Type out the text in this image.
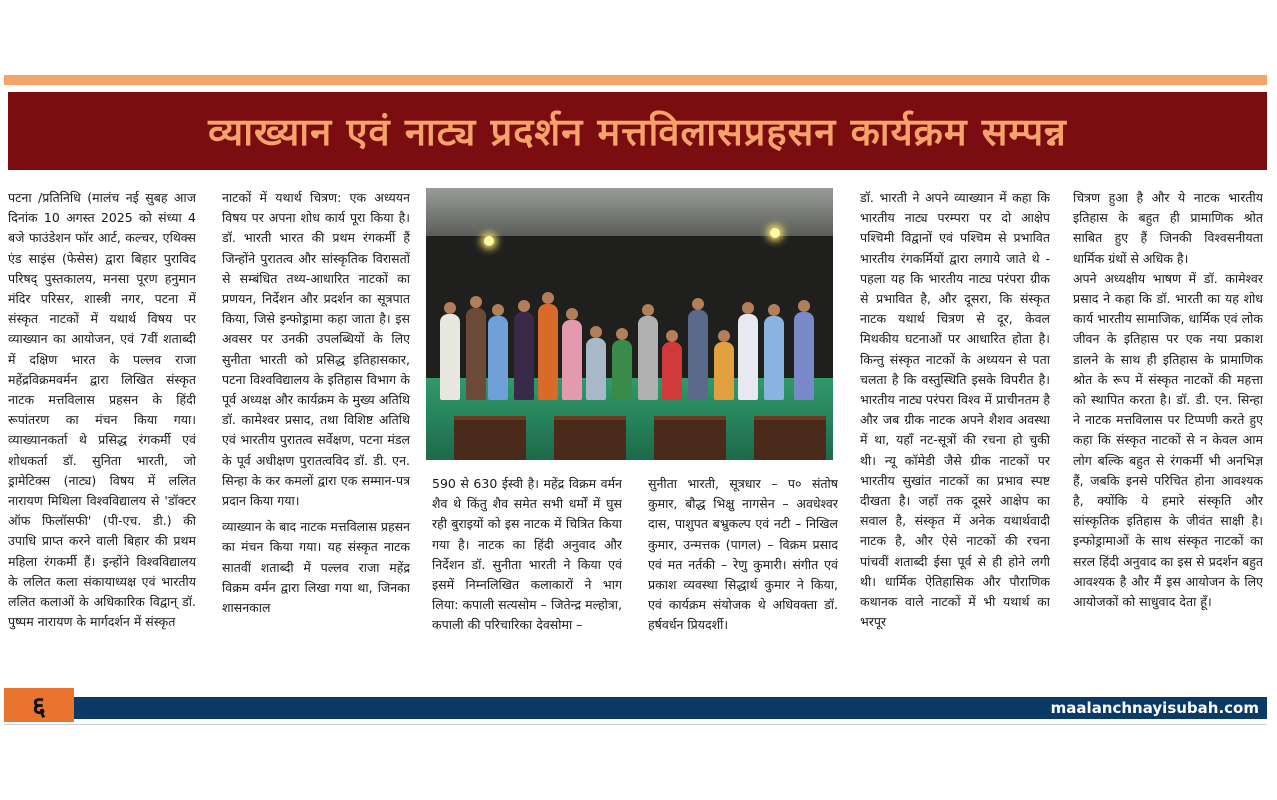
व्याख्यान एवं नाट्य प्रदर्शन मत्तविलासप्रहसन कार्यक्रम सम्पन्न

पटना /प्रतिनिधि (मालंच नई सुबह आज दिनांक 10 अगस्त 2025 को संध्या 4 बजे फाउंडेशन फॉर आर्ट, कल्चर, एथिक्स एंड साइंस (फेसेस) द्वारा बिहार पुराविद परिषद् पुस्तकालय, मनसा पूरण हनुमान मंदिर परिसर, शास्त्री नगर, पटना में संस्कृत नाटकों में यथार्थ विषय पर व्याख्यान का आयोजन, एवं 7वीं शताब्दी में दक्षिण भारत के पल्लव राजा महेंद्रविक्रमवर्मन द्वारा लिखित संस्कृत नाटक मत्तविलास प्रहसन के हिंदी रूपांतरण का मंचन किया गया। व्याख्यानकर्ता थे प्रसिद्ध रंगकर्मी एवं शोधकर्ता डॉ. सुनिता भारती, जो ड्रामेटिक्स (नाट्य) विषय में ललित नारायण मिथिला विश्वविद्यालय से 'डॉक्टर ऑफ फिलॉसफी' (पी-एच. डी.) की उपाधि प्राप्त करने वाली बिहार की प्रथम महिला रंगकर्मी हैं। इन्होंने विश्वविद्यालय के ललित कला संकायाध्यक्ष एवं भारतीय ललित कलाओं के अधिकारिक विद्वान् डॉ. पुष्पम नारायण के मार्गदर्शन में संस्कृत

नाटकों में यथार्थ चित्रण: एक अध्ययन विषय पर अपना शोध कार्य पूरा किया है। डॉ. भारती भारत की प्रथम रंगकर्मी हैं जिन्होंने पुरातत्व और सांस्कृतिक विरासतों से सम्बंधित तथ्य-आधारित नाटकों का प्रणयन, निर्देशन और प्रदर्शन का सूत्रपात किया, जिसे इन्फोड्रामा कहा जाता है। इस अवसर पर उनकी उपलब्धियों के लिए सुनीता भारती को प्रसिद्ध इतिहासकार, पटना विश्वविद्यालय के इतिहास विभाग के पूर्व अध्यक्ष और कार्यक्रम के मुख्य अतिथि डॉ. कामेश्वर प्रसाद, तथा विशिष्ट अतिथि एवं भारतीय पुरातत्व सर्वेक्षण, पटना मंडल के पूर्व अधीक्षण पुरातत्वविद डॉ. डी. एन. सिन्हा के कर कमलों द्वारा एक सम्मान-पत्र प्रदान किया गया।

व्याख्यान के बाद नाटक मत्तविलास प्रहसन का मंचन किया गया। यह संस्कृत नाटक सातवीं शताब्दी में पल्लव राजा महेंद्र विक्रम वर्मन द्वारा लिखा गया था, जिनका शासनकाल

590 से 630 ईस्वी है। महेंद्र विक्रम वर्मन शैव थे किंतु शैव समेत सभी धर्मों में घुस रही बुराइयों को इस नाटक में चित्रित किया गया है। नाटक का हिंदी अनुवाद और निर्देशन डॉ. सुनीता भारती ने किया एवं इसमें निम्नलिखित कलाकारों ने भाग लिया: कपाली सत्यसोम – जितेन्द्र मल्होत्रा, कपाली की परिचारिका देवसोमा –

सुनीता भारती, सूत्रधार – प० संतोष कुमार, बौद्ध भिक्षु नागसेन – अवधेश्वर दास, पाशुपत बभ्रुकल्प एवं नटी – निखिल कुमार, उन्मत्तक (पागल) – विक्रम प्रसाद एवं मत नर्तकी – रेणु कुमारी। संगीत एवं प्रकाश व्यवस्था सिद्धार्थ कुमार ने किया, एवं कार्यक्रम संयोजक थे अधिवक्ता डॉ. हर्षवर्धन प्रियदर्शी।

डॉ. भारती ने अपने व्याख्यान में कहा कि भारतीय नाट्य परम्परा पर दो आक्षेप पश्चिमी विद्वानों एवं पश्चिम से प्रभावित भारतीय रंगकर्मियों द्वारा लगाये जाते थे - पहला यह कि भारतीय नाट्य परंपरा ग्रीक से प्रभावित है, और दूसरा, कि संस्कृत नाटक यथार्थ चित्रण से दूर, केवल मिथकीय घटनाओं पर आधारित होता है। किन्तु संस्कृत नाटकों के अध्ययन से पता चलता है कि वस्तुस्थिति इसके विपरीत है। भारतीय नाट्य परंपरा विश्व में प्राचीनतम है और जब ग्रीक नाटक अपने शैशव अवस्था में था, यहाँ नट-सूत्रों की रचना हो चुकी थी। न्यू कॉमेडी जैसे ग्रीक नाटकों पर भारतीय सुखांत नाटकों का प्रभाव स्पष्ट दीखता है। जहाँ तक दूसरे आक्षेप का सवाल है, संस्कृत में अनेक यथार्थवादी नाटक है, और ऐसे नाटकों की रचना पांचवीं शताब्दी ईसा पूर्व से ही होने लगी थी। धार्मिक ऐतिहासिक और पौराणिक कथानक वाले नाटकों में भी यथार्थ का भरपूर

चित्रण हुआ है और ये नाटक भारतीय इतिहास के बहुत ही प्रामाणिक श्रोत साबित हुए हैं जिनकी विश्वसनीयता धार्मिक ग्रंथों से अधिक है।

अपने अध्यक्षीय भाषण में डॉ. कामेश्वर प्रसाद ने कहा कि डॉ. भारती का यह शोध कार्य भारतीय सामाजिक, धार्मिक एवं लोक जीवन के इतिहास पर एक नया प्रकाश डालने के साथ ही इतिहास के प्रामाणिक श्रोत के रूप में संस्कृत नाटकों की महत्ता को स्थापित करता है। डॉ. डी. एन. सिन्हा ने नाटक मत्तविलास पर टिप्पणी करते हुए कहा कि संस्कृत नाटकों से न केवल आम लोग बल्कि बहुत से रंगकर्मी भी अनभिज्ञ हैं, जबकि इनसे परिचित होना आवश्यक है, क्योंकि ये हमारे संस्कृति और सांस्कृतिक इतिहास के जीवंत साक्षी है। इन्फोड्रामाओं के साथ संस्कृत नाटकों का सरल हिंदी अनुवाद का इस से प्रदर्शन बहुत आवश्यक है और मैं इस आयोजन के लिए आयोजकों को साधुवाद देता हूँ।

६	maalanchnayisubah.com
